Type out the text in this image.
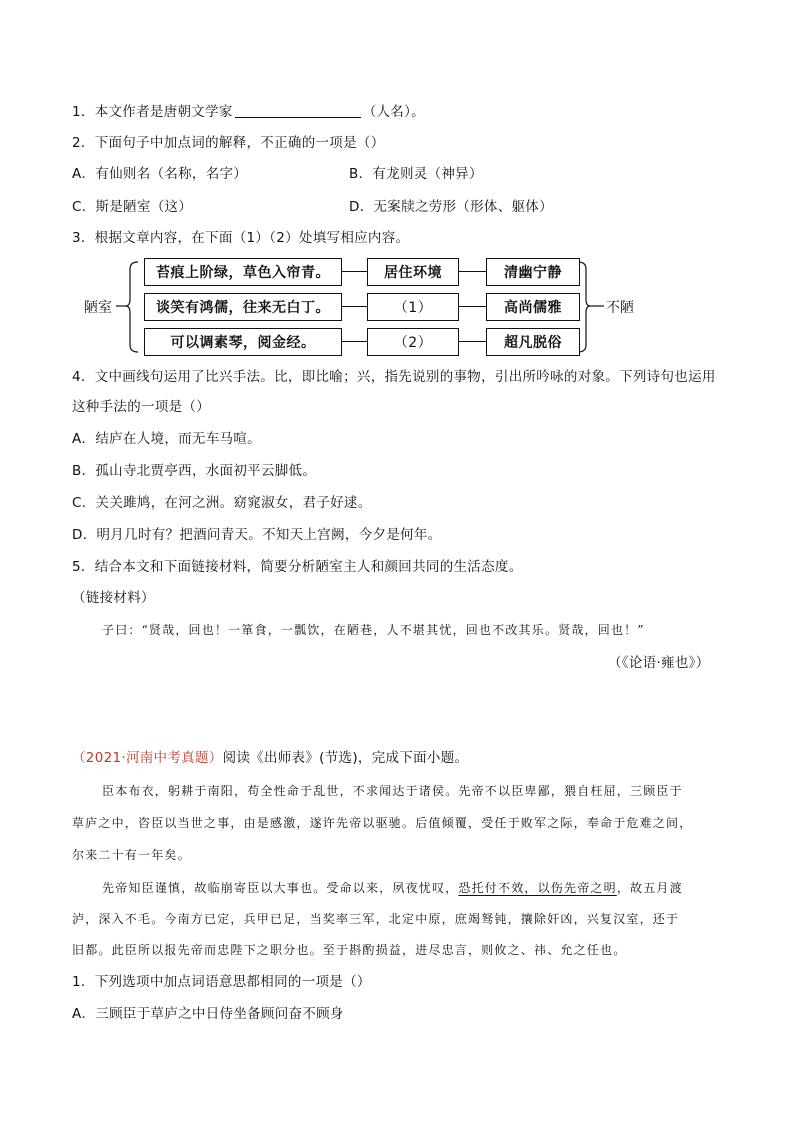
1．本文作者是唐朝文学家	（人名）。
2．下面句子中加点词的解释，不正确的一项是（）
A．有仙则名（名称，名字）	B．有龙则灵（神异）
C．斯是陋室（这）	D．无案牍之劳形（形体、躯体）
3．根据文章内容，在下面（1）（2）处填写相应内容。
陋室	不陋
苔痕上阶绿，草色入帘青。	居住环境	清幽宁静
谈笑有鸿儒，往来无白丁。	（1）	高尚儒雅
可以调素琴，阅金经。	（2）	超凡脱俗
4．文中画线句运用了比兴手法。比，即比喻；兴，指先说别的事物，引出所吟咏的对象。下列诗句也运用
这种手法的一项是（）
A．结庐在人境，而无车马喧。
B．孤山寺北贾亭西，水面初平云脚低。
C．关关雎鸠，在河之洲。窈窕淑女，君子好逑。
D．明月几时有？把酒问青天。不知天上宫阙，今夕是何年。
5．结合本文和下面链接材料，简要分析陋室主人和颜回共同的生活态度。
（链接材料）
子曰：“贤哉，回也！一箪食，一瓢饮，在陋巷，人不堪其忧，回也不改其乐。贤哉，回也！”
（《论语·雍也》）
（2021·河南中考真题）阅读《出师表》(节选)，完成下面小题。
臣本布衣，躬耕于南阳，苟全性命于乱世，不求闻达于诸侯。先帝不以臣卑鄙，猥自枉屈，三顾臣于
草庐之中，咨臣以当世之事，由是感激，遂许先帝以驱驰。后值倾覆，受任于败军之际，奉命于危难之间，
尔来二十有一年矣。
先帝知臣谨慎，故临崩寄臣以大事也。受命以来，夙夜忧叹，恐托付不效，以伤先帝之明，故五月渡
泸，深入不毛。今南方已定，兵甲已足，当奖率三军，北定中原，庶竭驽钝，攘除奸凶，兴复汉室，还于
旧都。此臣所以报先帝而忠陛下之职分也。至于斟酌损益，进尽忠言，则攸之、祎、允之任也。
1．下列选项中加点词语意思都相同的一项是（）
A．三顾臣于草庐之中日侍坐备顾问奋不顾身
